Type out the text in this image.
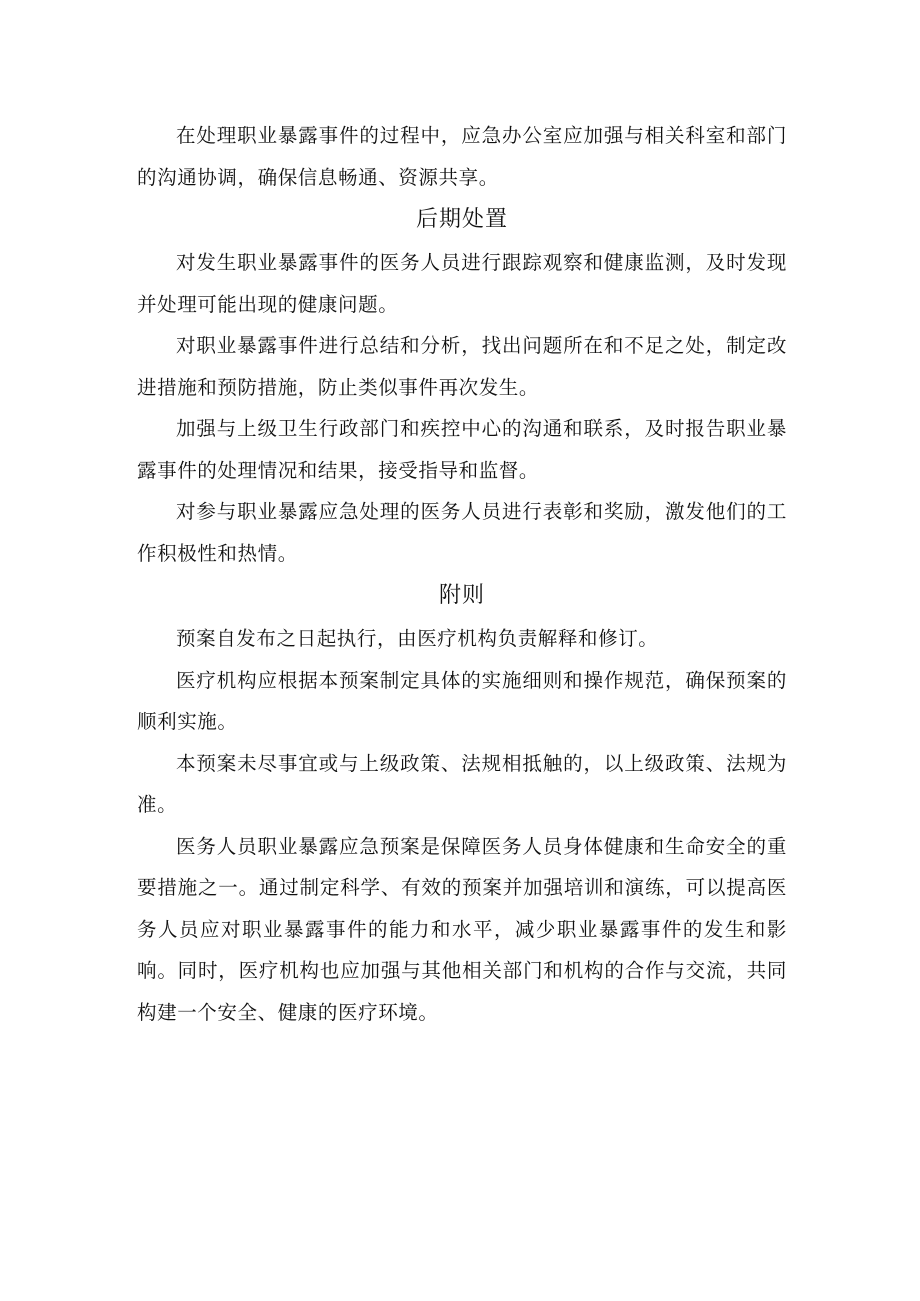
在处理职业暴露事件的过程中，应急办公室应加强与相关科室和部门的沟通协调，确保信息畅通、资源共享。

后期处置

对发生职业暴露事件的医务人员进行跟踪观察和健康监测，及时发现并处理可能出现的健康问题。

对职业暴露事件进行总结和分析，找出问题所在和不足之处，制定改进措施和预防措施，防止类似事件再次发生。

加强与上级卫生行政部门和疾控中心的沟通和联系，及时报告职业暴露事件的处理情况和结果，接受指导和监督。

对参与职业暴露应急处理的医务人员进行表彰和奖励，激发他们的工作积极性和热情。

附则

预案自发布之日起执行，由医疗机构负责解释和修订。

医疗机构应根据本预案制定具体的实施细则和操作规范，确保预案的顺利实施。

本预案未尽事宜或与上级政策、法规相抵触的，以上级政策、法规为准。

医务人员职业暴露应急预案是保障医务人员身体健康和生命安全的重要措施之一。通过制定科学、有效的预案并加强培训和演练，可以提高医务人员应对职业暴露事件的能力和水平，减少职业暴露事件的发生和影响。同时，医疗机构也应加强与其他相关部门和机构的合作与交流，共同构建一个安全、健康的医疗环境。
